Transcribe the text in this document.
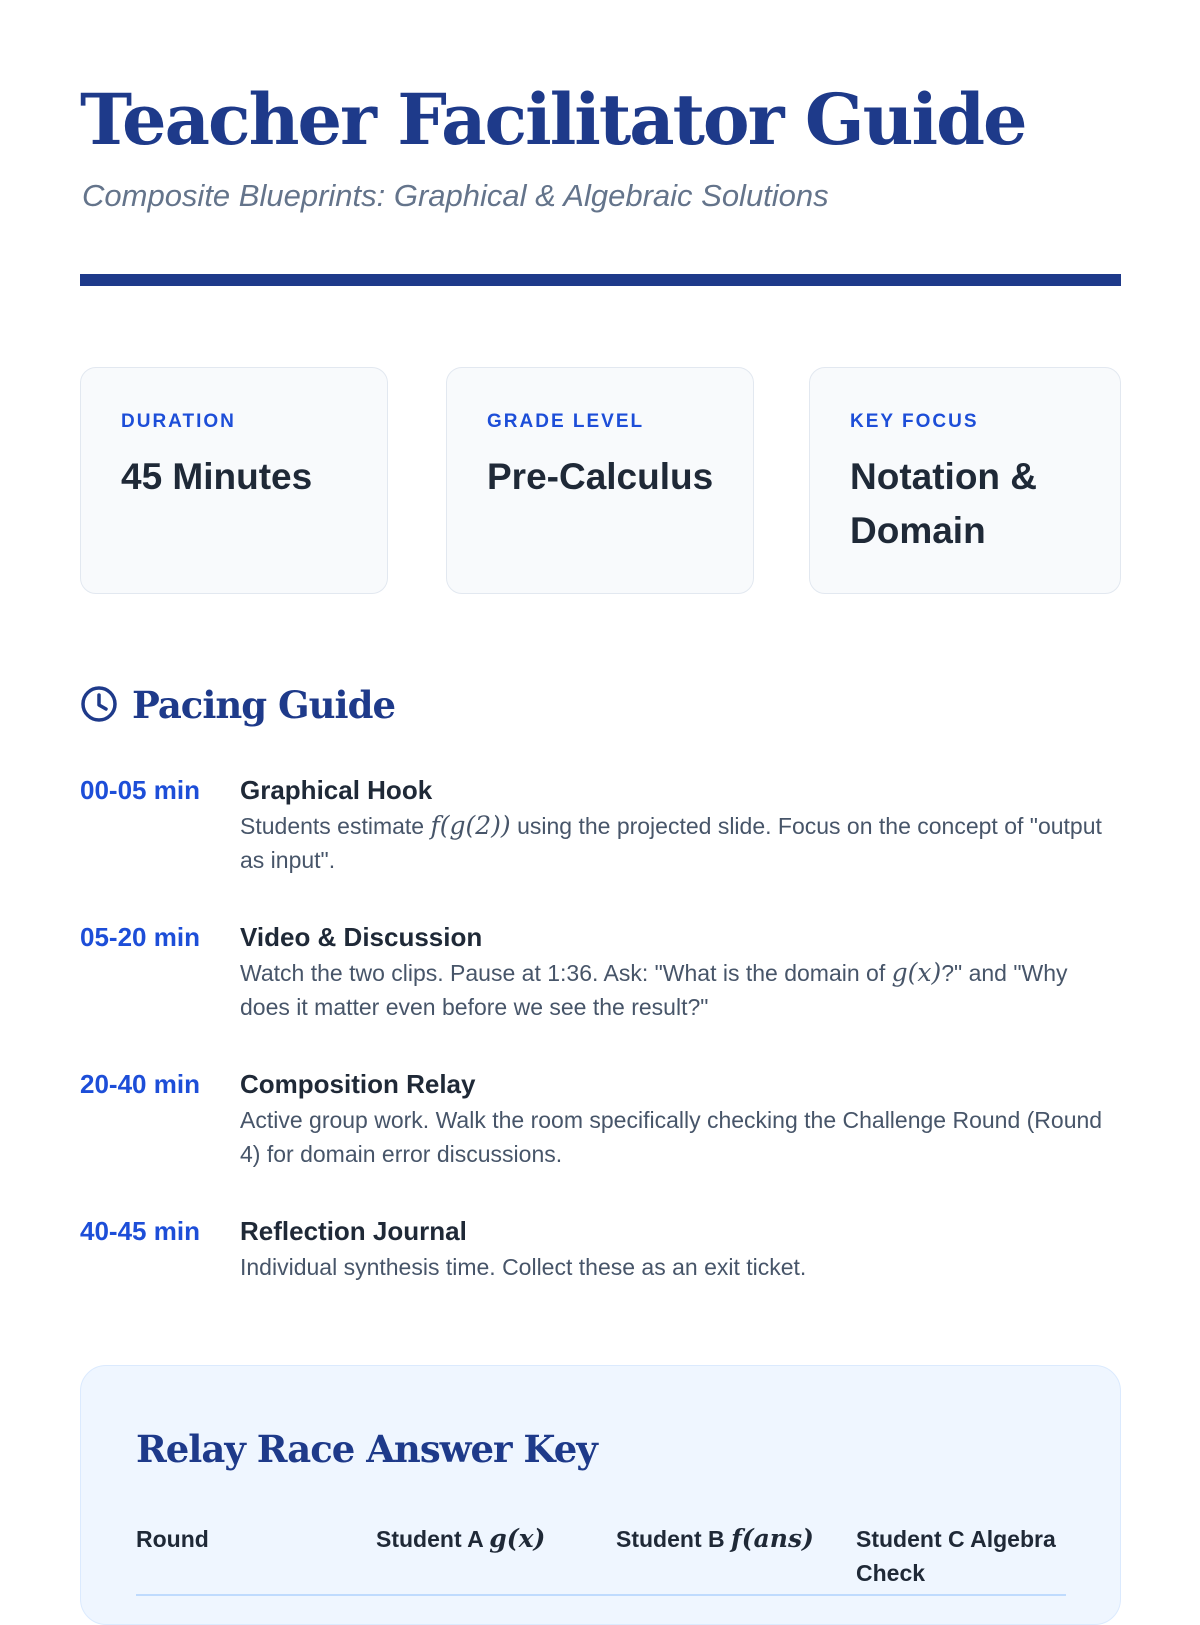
Teacher Facilitator Guide
Composite Blueprints: Graphical & Algebraic Solutions
DURATION
45 Minutes
GRADE LEVEL
Pre-Calculus
KEY FOCUS
Notation & Domain
Pacing Guide
00-05 min Graphical Hook
Students estimate f(g(2)) using the projected slide. Focus on the concept of "output as input".
05-20 min Video & Discussion
Watch the two clips. Pause at 1:36. Ask: "What is the domain of g(x)?" and "Why does it matter even before we see the result?"
20-40 min Composition Relay
Active group work. Walk the room specifically checking the Challenge Round (Round 4) for domain error discussions.
40-45 min Reflection Journal
Individual synthesis time. Collect these as an exit ticket.
Relay Race Answer Key
Round	Student A g(x)	Student B f(ans)	Student C Algebra Check
